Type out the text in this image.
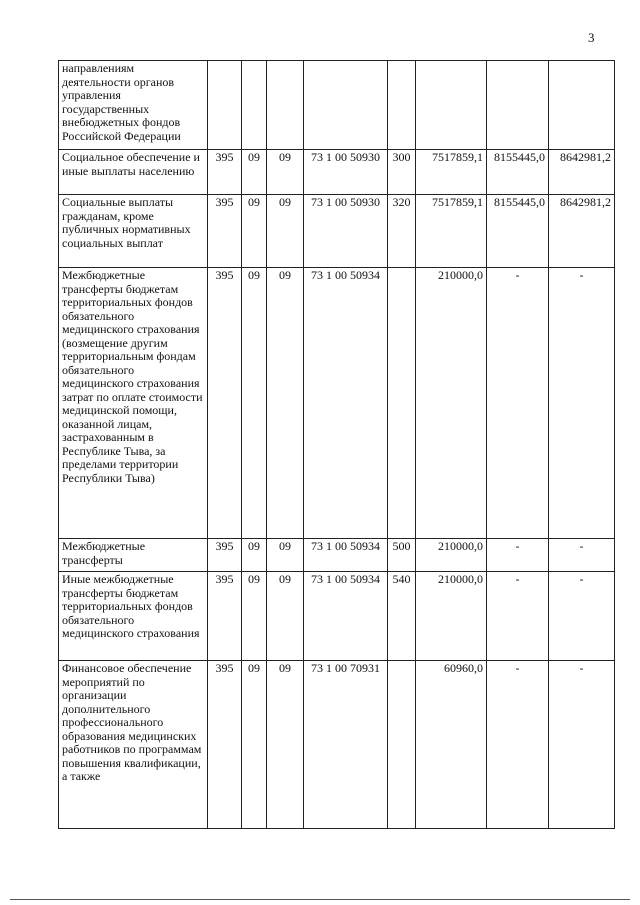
3
направлениям деятельности органов управления государственных внебюджетных фондов Российской Федерации								
Социальное обеспечение и иные выплаты населению	395	09	09	73 1 00 50930	300	7517859,1	8155445,0	8642981,2
Социальные выплаты гражданам, кроме публичных нормативных социальных выплат	395	09	09	73 1 00 50930	320	7517859,1	8155445,0	8642981,2
Межбюджетные трансферты бюджетам территориальных фондов обязательного медицинского страхования (возмещение другим территориальным фондам обязательного медицинского страхования затрат по оплате стоимости медицинской помощи, оказанной лицам, застрахованным в Республике Тыва, за пределами территории Республики Тыва)	395	09	09	73 1 00 50934		210000,0	-	-
Межбюджетные трансферты	395	09	09	73 1 00 50934	500	210000,0	-	-
Иные межбюджетные трансферты бюджетам территориальных фондов обязательного медицинского страхования	395	09	09	73 1 00 50934	540	210000,0	-	-
Финансовое обеспечение мероприятий по организации дополнительного профессионального образования медицинских работников по программам повышения квалификации, а также	395	09	09	73 1 00 70931		60960,0	-	-
